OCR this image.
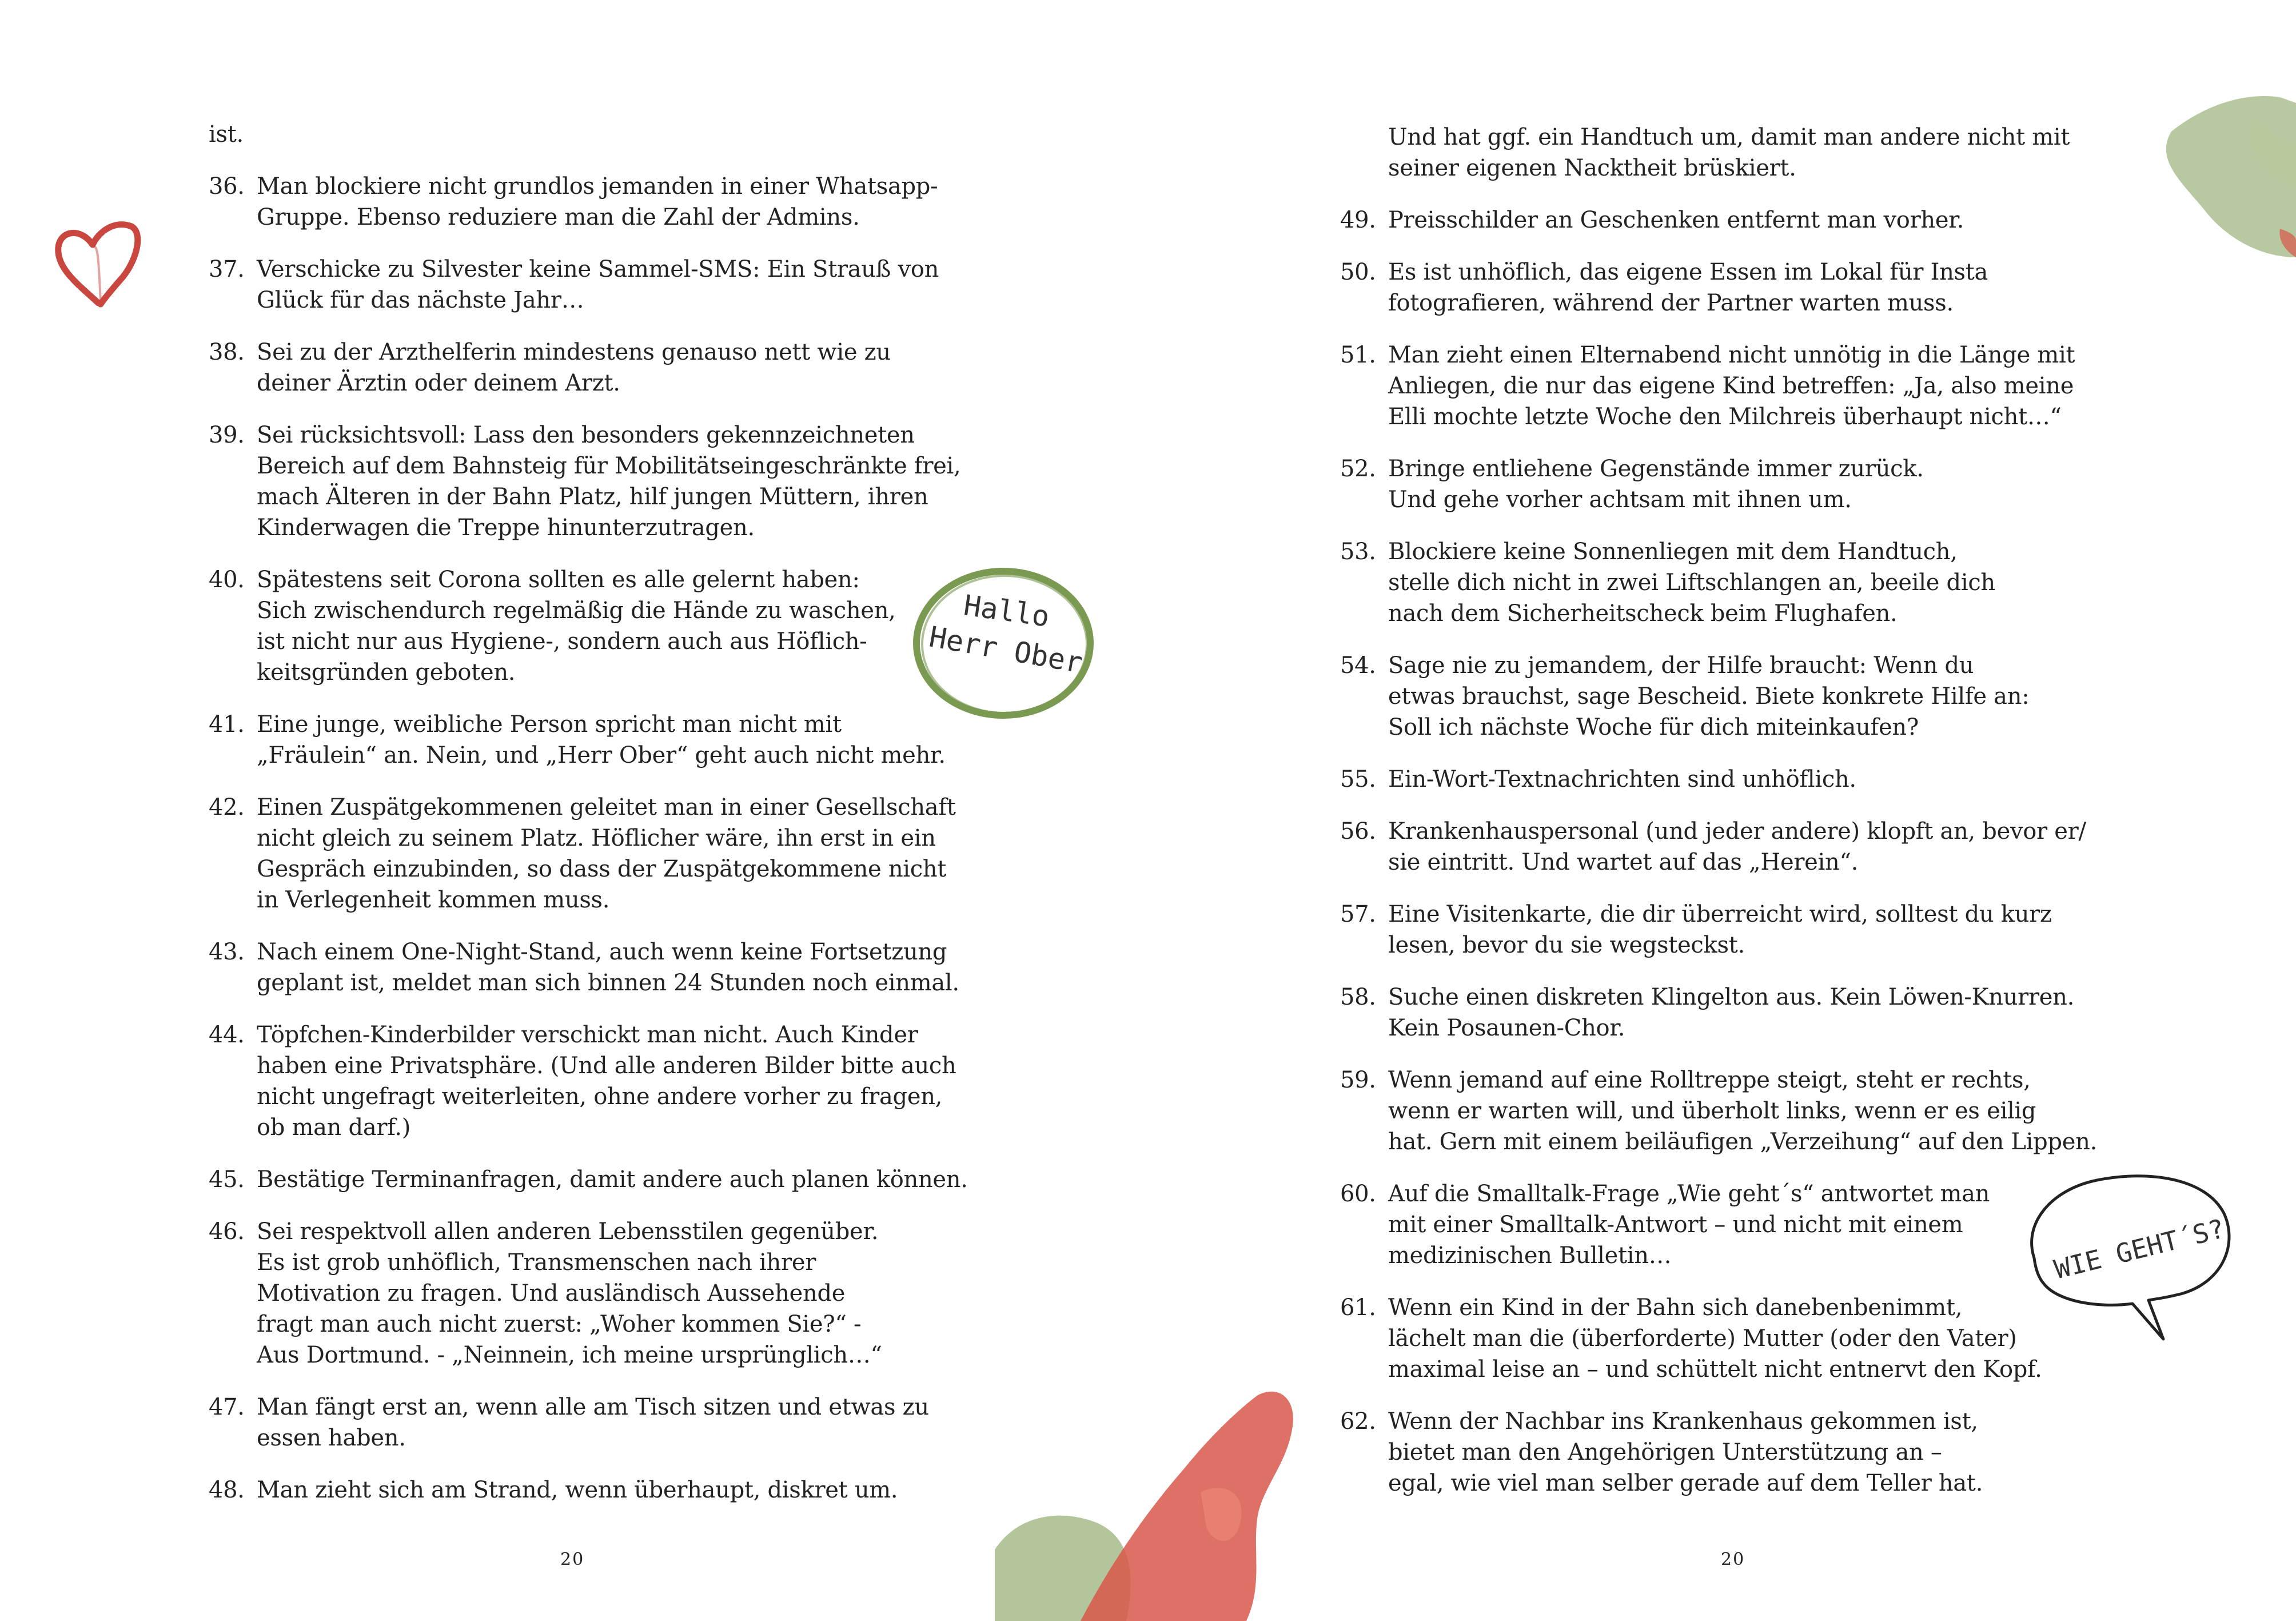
Hallo
Herr Ober
ist.
36. Man blockiere nicht grundlos jemanden in einer Whatsapp-
Gruppe. Ebenso reduziere man die Zahl der Admins.
37. Verschicke zu Silvester keine Sammel-SMS: Ein Strauß von
Glück für das nächste Jahr…
38. Sei zu der Arzthelferin mindestens genauso nett wie zu
deiner Ärztin oder deinem Arzt.
39. Sei rücksichtsvoll: Lass den besonders gekennzeichneten
Bereich auf dem Bahnsteig für Mobilitätseingeschränkte frei,
mach Älteren in der Bahn Platz, hilf jungen Müttern, ihren
Kinderwagen die Treppe hinunterzutragen.
40. Spätestens seit Corona sollten es alle gelernt haben:
Sich zwischendurch regelmäßig die Hände zu waschen,
ist nicht nur aus Hygiene-, sondern auch aus Höflich-
keitsgründen geboten.
41. Eine junge, weibliche Person spricht man nicht mit
„Fräulein“ an. Nein, und „Herr Ober“ geht auch nicht mehr.
42. Einen Zuspätgekommenen geleitet man in einer Gesellschaft
nicht gleich zu seinem Platz. Höflicher wäre, ihn erst in ein
Gespräch einzubinden, so dass der Zuspätgekommene nicht
in Verlegenheit kommen muss.
43. Nach einem One-Night-Stand, auch wenn keine Fortsetzung
geplant ist, meldet man sich binnen 24 Stunden noch einmal.
44. Töpfchen-Kinderbilder verschickt man nicht. Auch Kinder
haben eine Privatsphäre. (Und alle anderen Bilder bitte auch
nicht ungefragt weiterleiten, ohne andere vorher zu fragen,
ob man darf.)
45. Bestätige Terminanfragen, damit andere auch planen können.
46. Sei respektvoll allen anderen Lebensstilen gegenüber.
Es ist grob unhöflich, Transmenschen nach ihrer
Motivation zu fragen. Und ausländisch Aussehende
fragt man auch nicht zuerst: „Woher kommen Sie?“ -
Aus Dortmund. - „Neinnein, ich meine ursprünglich…“
47. Man fängt erst an, wenn alle am Tisch sitzen und etwas zu
essen haben.
48. Man zieht sich am Strand, wenn überhaupt, diskret um.
20
WIE GEHT´S?
Und hat ggf. ein Handtuch um, damit man andere nicht mit
seiner eigenen Nacktheit brüskiert.
49. Preisschilder an Geschenken entfernt man vorher.
50. Es ist unhöflich, das eigene Essen im Lokal für Insta
fotografieren, während der Partner warten muss.
51. Man zieht einen Elternabend nicht unnötig in die Länge mit
Anliegen, die nur das eigene Kind betreffen: „Ja, also meine
Elli mochte letzte Woche den Milchreis überhaupt nicht…“
52. Bringe entliehene Gegenstände immer zurück.
Und gehe vorher achtsam mit ihnen um.
53. Blockiere keine Sonnenliegen mit dem Handtuch,
stelle dich nicht in zwei Liftschlangen an, beeile dich
nach dem Sicherheitscheck beim Flughafen.
54. Sage nie zu jemandem, der Hilfe braucht: Wenn du
etwas brauchst, sage Bescheid. Biete konkrete Hilfe an:
Soll ich nächste Woche für dich miteinkaufen?
55. Ein-Wort-Textnachrichten sind unhöflich.
56. Krankenhauspersonal (und jeder andere) klopft an, bevor er/
sie eintritt. Und wartet auf das „Herein“.
57. Eine Visitenkarte, die dir überreicht wird, solltest du kurz
lesen, bevor du sie wegsteckst.
58. Suche einen diskreten Klingelton aus. Kein Löwen-Knurren.
Kein Posaunen-Chor.
59. Wenn jemand auf eine Rolltreppe steigt, steht er rechts,
wenn er warten will, und überholt links, wenn er es eilig
hat. Gern mit einem beiläufigen „Verzeihung“ auf den Lippen.
60. Auf die Smalltalk-Frage „Wie geht´s“ antwortet man
mit einer Smalltalk-Antwort – und nicht mit einem
medizinischen Bulletin…
61. Wenn ein Kind in der Bahn sich danebenbenimmt,
lächelt man die (überforderte) Mutter (oder den Vater)
maximal leise an – und schüttelt nicht entnervt den Kopf.
62. Wenn der Nachbar ins Krankenhaus gekommen ist,
bietet man den Angehörigen Unterstützung an –
egal, wie viel man selber gerade auf dem Teller hat.
20
